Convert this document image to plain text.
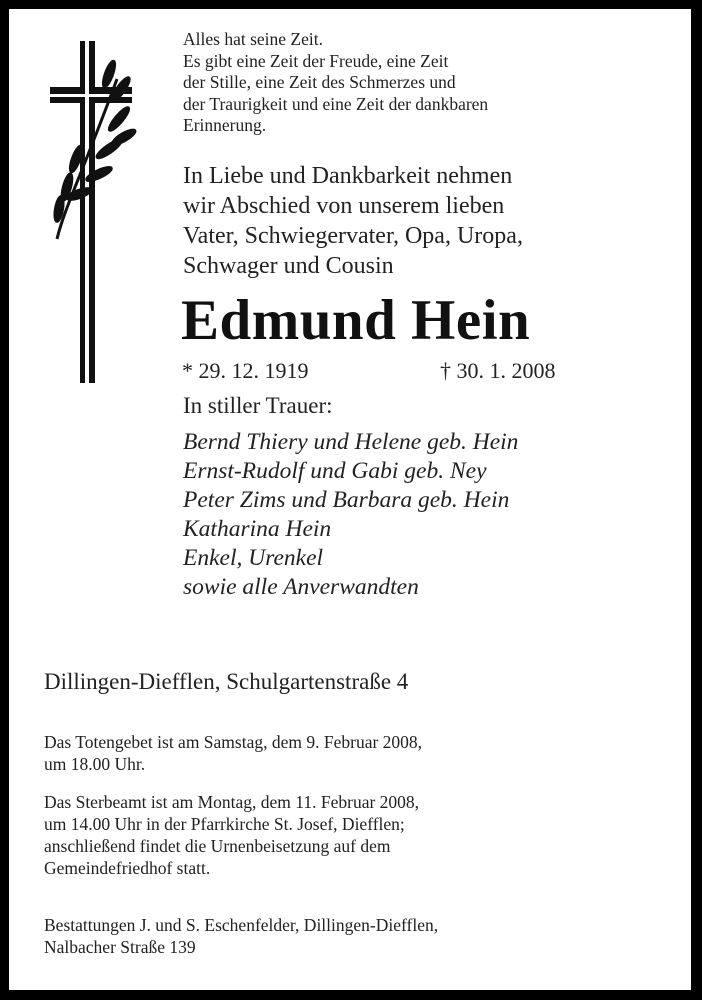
Alles hat seine Zeit.
Es gibt eine Zeit der Freude, eine Zeit
der Stille, eine Zeit des Schmerzes und
der Traurigkeit und eine Zeit der dankbaren
Erinnerung.
In Liebe und Dankbarkeit nehmen
wir Abschied von unserem lieben
Vater, Schwiegervater, Opa, Uropa,
Schwager und Cousin
Edmund Hein
* 29. 12. 1919	† 30. 1. 2008
In stiller Trauer:
Bernd Thiery und Helene geb. Hein
Ernst-Rudolf und Gabi geb. Ney
Peter Zims und Barbara geb. Hein
Katharina Hein
Enkel, Urenkel
sowie alle Anverwandten
Dillingen-Diefflen, Schulgartenstraße 4
Das Totengebet ist am Samstag, dem 9. Februar 2008,
um 18.00 Uhr.
Das Sterbeamt ist am Montag, dem 11. Februar 2008,
um 14.00 Uhr in der Pfarrkirche St. Josef, Diefflen;
anschließend findet die Urnenbeisetzung auf dem
Gemeindefriedhof statt.
Bestattungen J. und S. Eschenfelder, Dillingen-Diefflen,
Nalbacher Straße 139
